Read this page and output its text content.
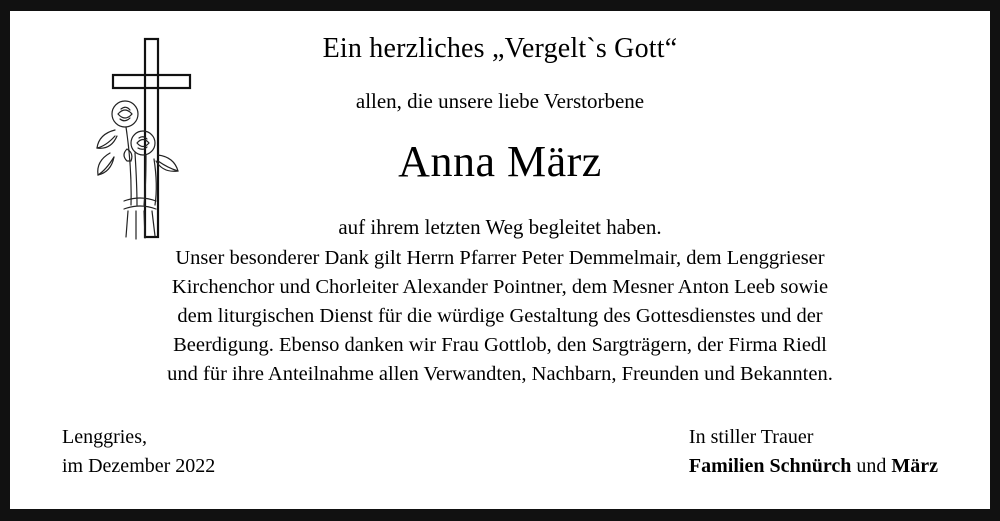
Ein herzliches „Vergelt`s Gott“
allen, die unsere liebe Verstorbene
Anna März
auf ihrem letzten Weg begleitet haben.

Unser besonderer Dank gilt Herrn Pfarrer Peter Demmelmair, dem Lenggrieser

Kirchenchor und Chorleiter Alexander Pointner, dem Mesner Anton Leeb sowie

dem liturgischen Dienst für die würdige Gestaltung des Gottesdienstes und der

Beerdigung. Ebenso danken wir Frau Gottlob, den Sargträgern, der Firma Riedl

und für ihre Anteilnahme allen Verwandten, Nachbarn, Freunden und Bekannten.

Lenggries,
im Dezember 2022
In stiller Trauer
Familien Schnürch und März
